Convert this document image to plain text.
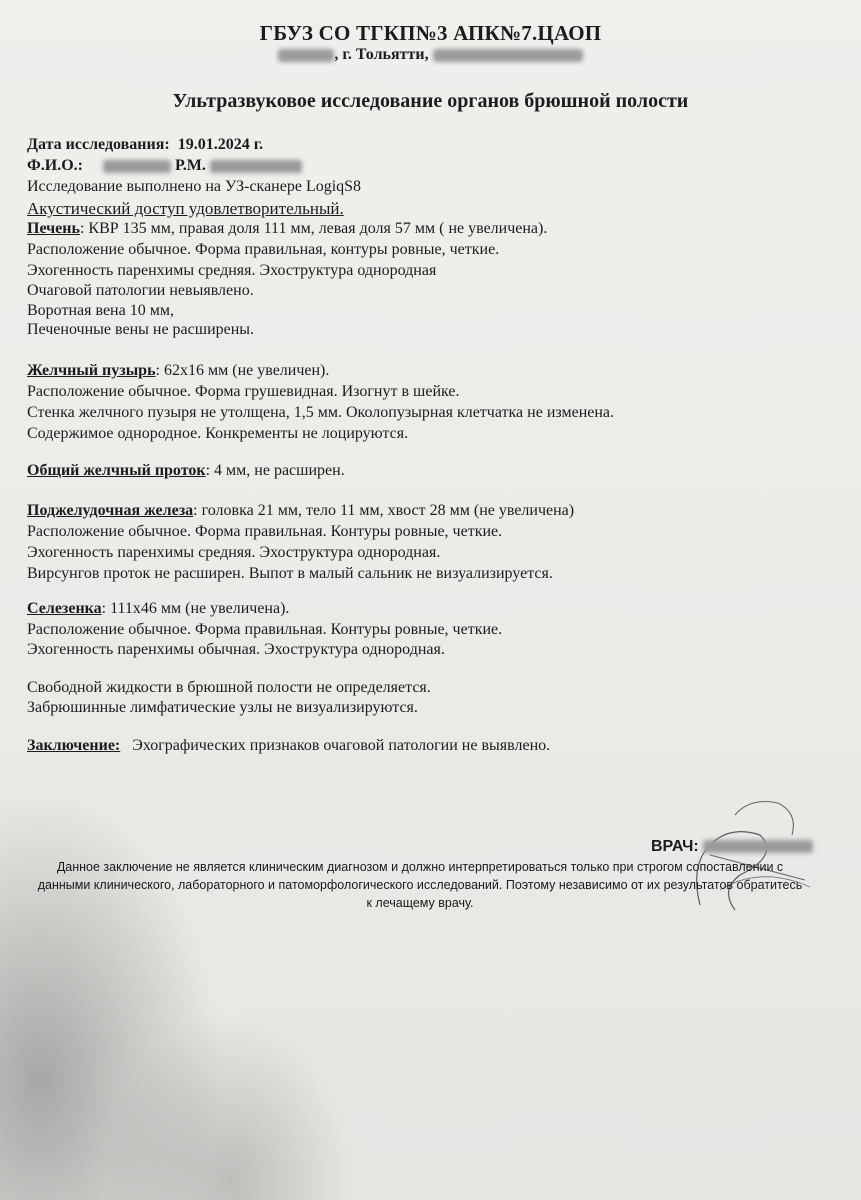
ГБУЗ СО ТГКП№3 АПК№7.ЦАОП
, г. Тольятти,
Ультразвуковое исследование органов брюшной полости
Дата исследования: 19.01.2024 г.
Ф.И.О.:	Р.М.
Исследование выполнено на УЗ-сканере LogiqS8
Акустический доступ удовлетворительный.
Печень: КВР 135 мм, правая доля 111 мм, левая доля 57 мм ( не увеличена).
Расположение обычное. Форма правильная, контуры ровные, четкие.
Эхогенность паренхимы средняя. Эхоструктура однородная
Очаговой патологии невыявлено.
Воротная вена 10 мм,
Печеночные вены не расширены.
Желчный пузырь: 62х16 мм (не увеличен).
Расположение обычное. Форма грушевидная. Изогнут в шейке.
Стенка желчного пузыря не утолщена, 1,5 мм. Околопузырная клетчатка не изменена.
Содержимое однородное. Конкременты не лоцируются.
Общий желчный проток: 4 мм, не расширен.
Поджелудочная железа: головка 21 мм, тело 11 мм, хвост 28 мм (не увеличена)
Расположение обычное. Форма правильная. Контуры ровные, четкие.
Эхогенность паренхимы средняя. Эхоструктура однородная.
Вирсунгов проток не расширен. Выпот в малый сальник не визуализируется.
Селезенка: 111х46 мм (не увеличена).
Расположение обычное. Форма правильная. Контуры ровные, четкие.
Эхогенность паренхимы обычная. Эхоструктура однородная.
Свободной жидкости в брюшной полости не определяется.
Забрюшинные лимфатические узлы не визуализируются.
Заключение: Эхографических признаков очаговой патологии не выявлено.
ВРАЧ:
Данное заключение не является клиническим диагнозом и должно интерпретироваться только при строгом сопоставлении с
данными клинического, лабораторного и патоморфологического исследований. Поэтому независимо от их результатов обратитесь
к лечащему врачу.
